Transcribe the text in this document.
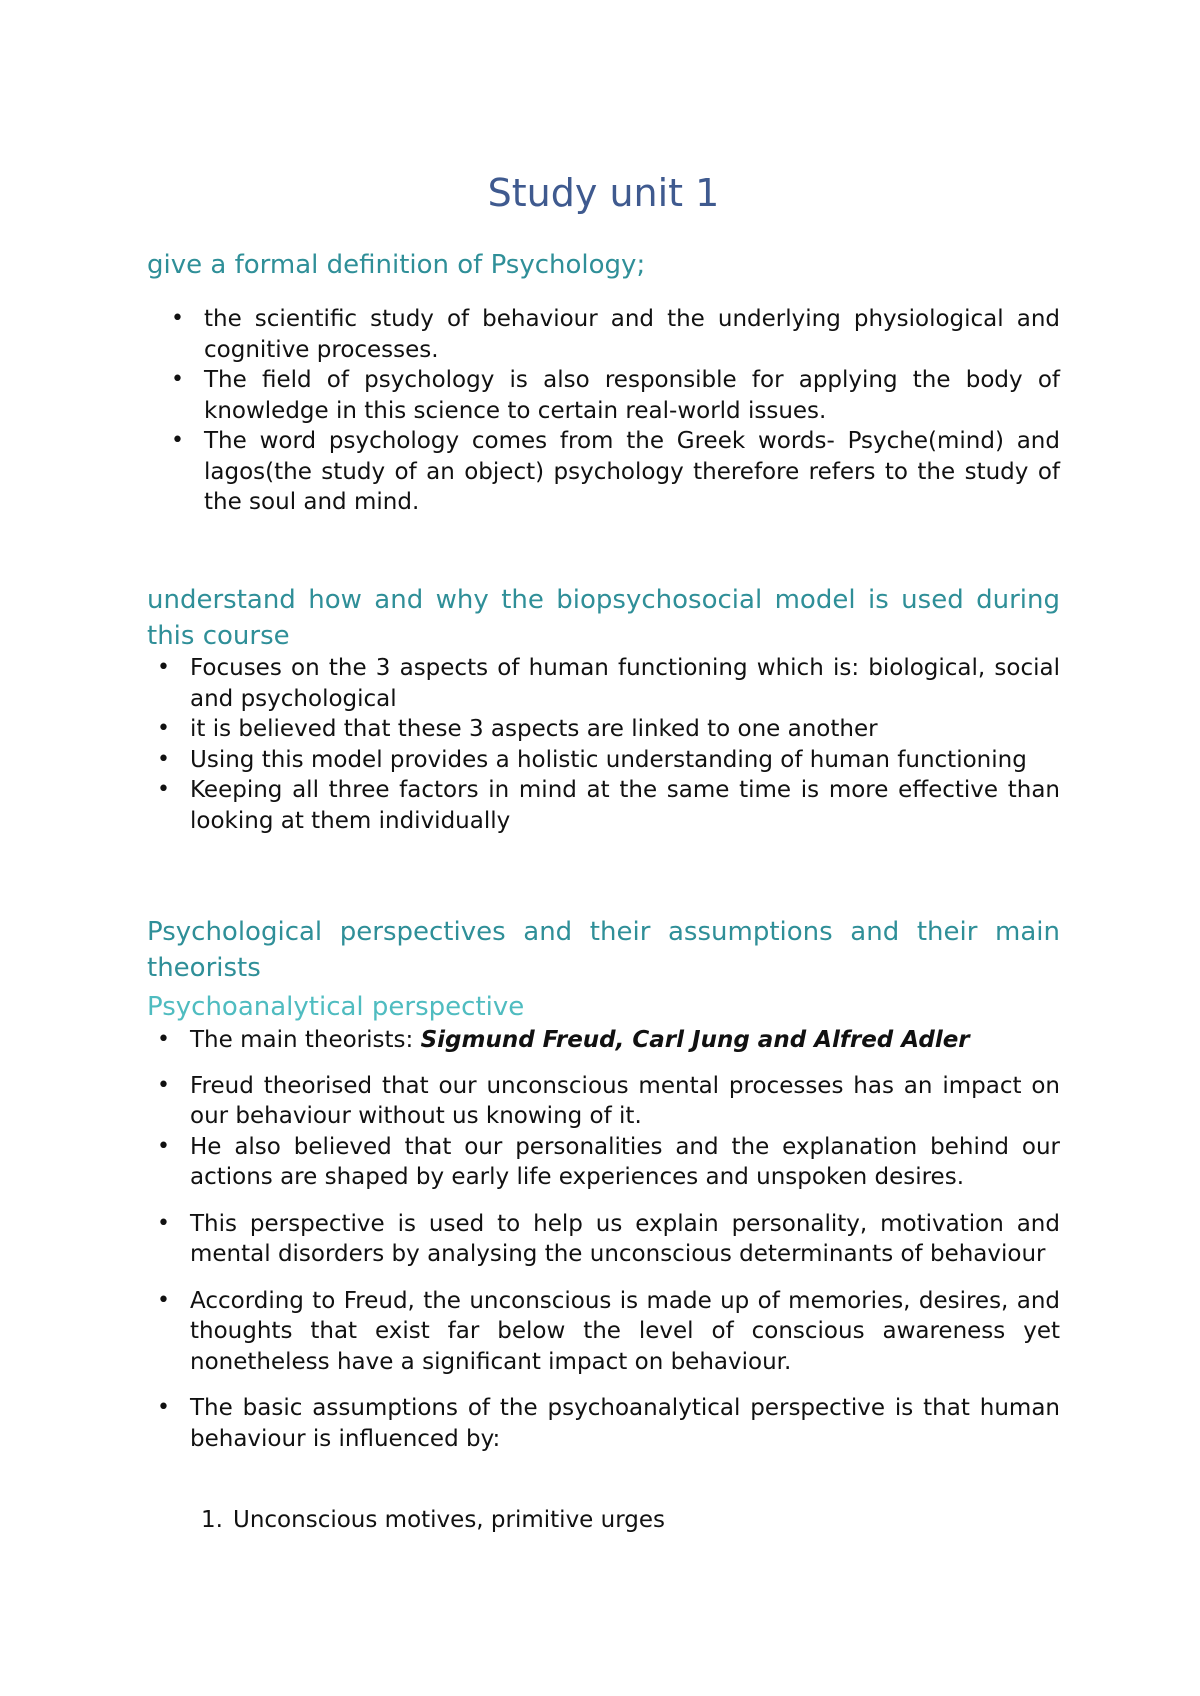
Study unit 1
give a formal definition of Psychology;
• the scientific study of behaviour and the underlying physiological and cognitive processes.
• The field of psychology is also responsible for applying the body of knowledge in this science to certain real-world issues.
• The word psychology comes from the Greek words- Psyche(mind) and lagos(the study of an object) psychology therefore refers to the study of the soul and mind.
understand how and why the biopsychosocial model is used during this course
• Focuses on the 3 aspects of human functioning which is: biological, social and psychological
• it is believed that these 3 aspects are linked to one another
• Using this model provides a holistic understanding of human functioning
• Keeping all three factors in mind at the same time is more effective than looking at them individually
Psychological perspectives and their assumptions and their main theorists
Psychoanalytical perspective
• The main theorists: Sigmund Freud, Carl Jung and Alfred Adler
• Freud theorised that our unconscious mental processes has an impact on our behaviour without us knowing of it.
• He also believed that our personalities and the explanation behind our actions are shaped by early life experiences and unspoken desires.
• This perspective is used to help us explain personality, motivation and mental disorders by analysing the unconscious determinants of behaviour
• According to Freud, the unconscious is made up of memories, desires, and thoughts that exist far below the level of conscious awareness yet nonetheless have a significant impact on behaviour.
• The basic assumptions of the psychoanalytical perspective is that human behaviour is influenced by:
1. Unconscious motives, primitive urges
